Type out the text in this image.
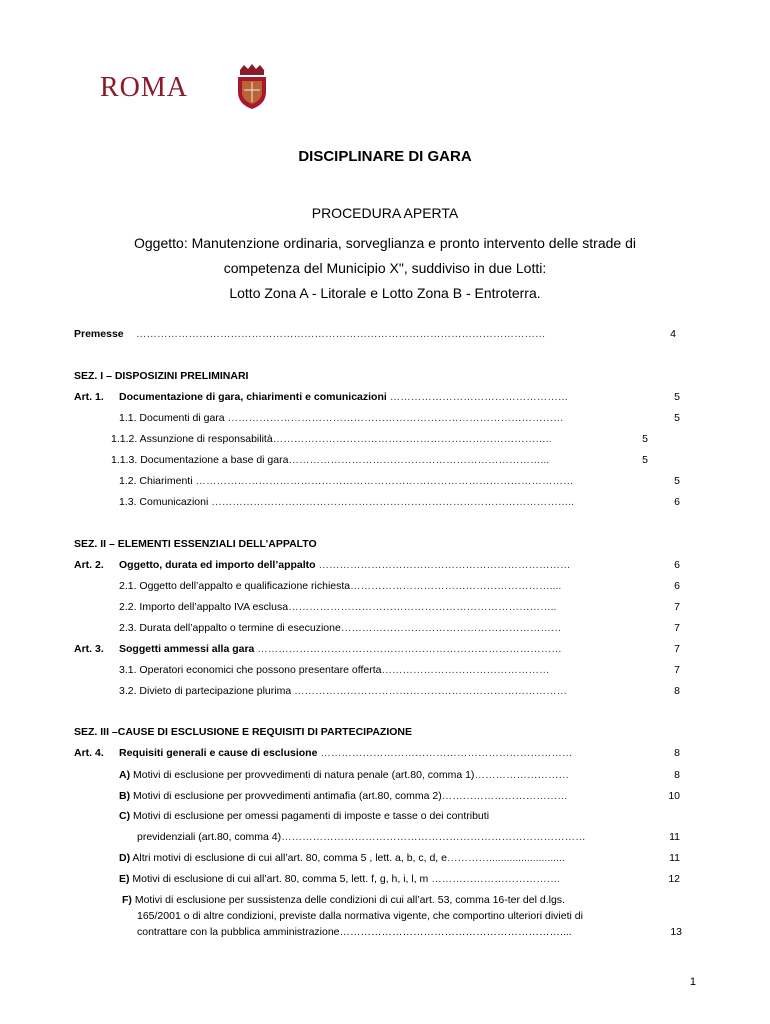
ROMA
DISCIPLINARE DI GARA
PROCEDURA APERTA
Oggetto: Manutenzione ordinaria, sorveglianza e pronto intervento delle strade di
competenza del Municipio X", suddiviso in due Lotti:
Lotto Zona A - Litorale e Lotto Zona B - Entroterra.
Premesse ………………………………………………………………………………………………………	4
SEZ. I – DISPOSIZINI PRELIMINARI
Art. 1. Documentazione di gara, chiarimenti e comunicazioni ……………………………………………	5
1.1. Documenti di gara ……………………………………………………………………………………	5
1.1.2. Assunzione di responsabilità……………………………………………………………………..	5
1.1.3. Documentazione a base di gara………………………………………………………………...	5
1.2. Chiarimenti ………………………………………………………………………………………………	5
1.3. Comunicazioni …………………………………………………………………………………………..	6
SEZ. II – ELEMENTI ESSENZIALI DELL’APPALTO
Art. 2. Oggetto, durata ed importo dell’appalto ………………………………………………………………	6
2.1. Oggetto dell’appalto e qualificazione richiesta…………………………………………………....	6
2.2. Importo dell’appalto IVA esclusa…………………………………………………………………..	7
2.3. Durata dell’appalto o termine di esecuzione………………………………………………………	7
Art. 3. Soggetti ammessi alla gara ……………………………………………………………………………	7
3.1. Operatori economici che possono presentare offerta…………………………………………	7
3.2. Divieto di partecipazione plurima ……………………………………………………………………	8
SEZ. III –CAUSE DI ESCLUSIONE E REQUISITI DI PARTECIPAZIONE
Art. 4. Requisiti generali e cause di esclusione ………………………………………………………………	8
A) Motivi di esclusione per provvedimenti di natura penale (art.80, comma 1)………………………	8
B) Motivi di esclusione per provvedimenti antimafia (art.80, comma 2)………………………………	10
C) Motivi di esclusione per omessi pagamenti di imposte e tasse o dei contributi
previdenziali (art.80, comma 4)……………………………………………………………………………	11
D) Altri motivi di esclusione di cui all’art. 80, comma 5 , lett. a, b, c, d, e…………..........................	11
E) Motivi di esclusione di cui all’art. 80, comma 5, lett. f, g, h, i, l, m ……………………………….	12
F) Motivi di esclusione per sussistenza delle condizioni di cui all’art. 53, comma 16-ter del d.lgs.
165/2001 o di altre condizioni, previste dalla normativa vigente, che comportino ulteriori divieti di
contrattare con la pubblica amministrazione………………………………………………………....	13
1
